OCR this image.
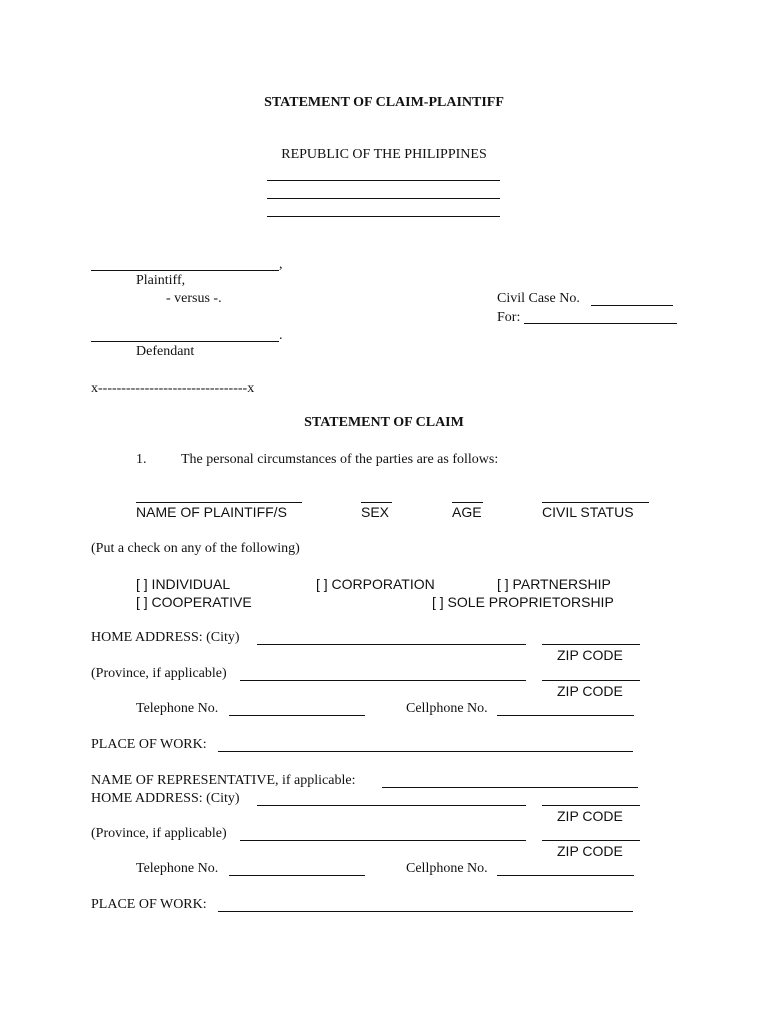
STATEMENT OF CLAIM-PLAINTIFF
REPUBLIC OF THE PHILIPPINES
,
Plaintiff,
- versus -.	Civil Case No.
For:
.
Defendant
x--------------------------------x
STATEMENT OF CLAIM
1. The personal circumstances of the parties are as follows:
NAME OF PLAINTIFF/S	SEX	AGE	CIVIL STATUS
(Put a check on any of the following)
[ ] INDIVIDUAL	[ ] CORPORATION	[ ] PARTNERSHIP
[ ] COOPERATIVE	[ ] SOLE PROPRIETORSHIP
HOME ADDRESS: (City)
ZIP CODE
(Province, if applicable)
ZIP CODE
Telephone No.	Cellphone No.
PLACE OF WORK:
NAME OF REPRESENTATIVE, if applicable:
HOME ADDRESS: (City)
ZIP CODE
(Province, if applicable)
ZIP CODE
Telephone No.	Cellphone No.
PLACE OF WORK:
